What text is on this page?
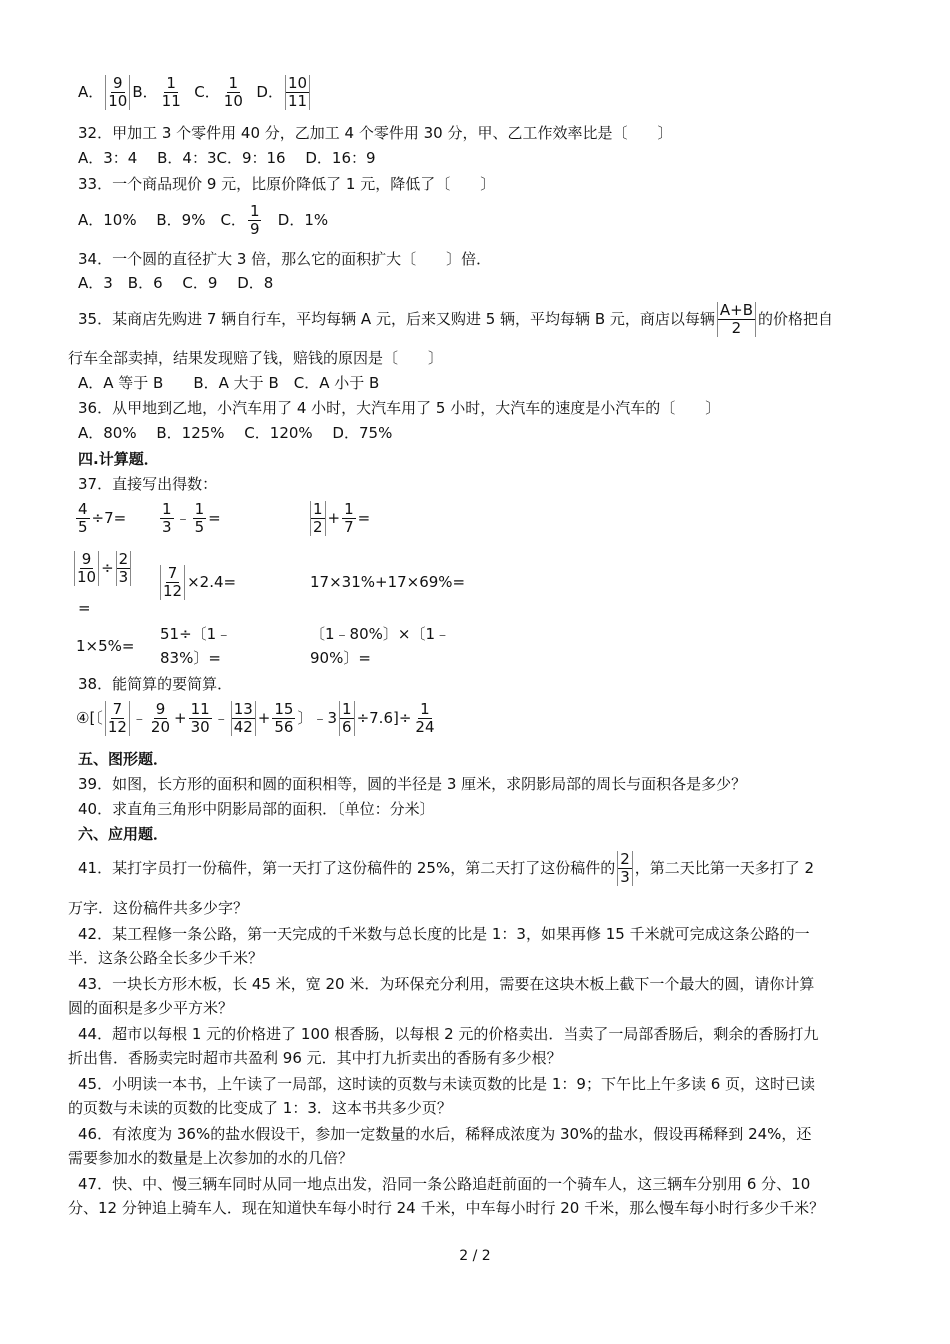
A． $\frac{9}{10}$ B． $\frac{1}{11}$ C． $\frac{1}{10}$ D． $\frac{10}{11}$
32．甲加工 3 个零件用 40 分，乙加工 4 个零件用 30 分，甲、乙工作效率比是〔　　〕
A．3：4　 B．4：3C．9：16　 D．16：9
33．一个商品现价 9 元，比原价降低了 1 元，降低了〔　　〕
A．10%　 B．9%　C． $\frac{1}{9}$ D．1%
34．一个圆的直径扩大 3 倍，那么它的面积扩大〔　　〕倍．
A．3　B．6　 C．9　 D．8
35．某商店先购进 7 辆自行车，平均每辆 A 元，后来又购进 5 辆，平均每辆 B 元，商店以每辆 $\frac{A+B}{2}$ 的价格把自
行车全部卖掉，结果发现赔了钱，赔钱的原因是〔　　〕
A．A 等于 B　　B．A 大于 B　C．A 小于 B
36．从甲地到乙地，小汽车用了 4 小时，大汽车用了 5 小时，大汽车的速度是小汽车的〔　　〕
A．80%　 B．125%　 C．120%　 D．75%
四.计算题．
37．直接写出得数：
$\frac{4}{5} \div 7= \frac{1}{3}$ ﹣ $\frac{1}{5}$ =	$\frac{1}{2} + \frac{1}{7}$ =
$\frac{9}{10} \div \frac{2}{3}$
=
$\frac{7}{12} \times 2.4=$	17×31%+17×69%=
1×5%=
51÷〔1﹣
83%〕=
〔1﹣80%〕×〔1﹣
90%〕=
38．能简算的要简算．
④[〔 $\frac{7}{12}$ ﹣ $\frac{9}{20} + \frac{11}{30}$ ﹣ $\frac{13}{42} + \frac{15}{56}$ 〕﹣3 $\frac{1}{6} \div 7.6]\div \frac{1}{24}$
五、图形题．
39．如图，长方形的面积和圆的面积相等，圆的半径是 3 厘米，求阴影局部的周长与面积各是多少？
40．求直角三角形中阴影局部的面积．〔单位：分米〕
六、应用题．
41．某打字员打一份稿件，第一天打了这份稿件的 25%，第二天打了这份稿件的 $\frac{2}{3}$ ，第二天比第一天多打了 2
万字．这份稿件共多少字？
42．某工程修一条公路，第一天完成的千米数与总长度的比是 1：3，如果再修 15 千米就可完成这条公路的一
半．这条公路全长多少千米？
43．一块长方形木板，长 45 米，宽 20 米．为环保充分利用，需要在这块木板上截下一个最大的圆，请你计算
圆的面积是多少平方米？
44．超市以每根 1 元的价格进了 100 根香肠，以每根 2 元的价格卖出．当卖了一局部香肠后，剩余的香肠打九
折出售．香肠卖完时超市共盈利 96 元．其中打九折卖出的香肠有多少根？
45．小明读一本书，上午读了一局部，这时读的页数与未读页数的比是 1：9；下午比上午多读 6 页，这时已读
的页数与未读的页数的比变成了 1：3．这本书共多少页？
46．有浓度为 36%的盐水假设干，参加一定数量的水后，稀释成浓度为 30%的盐水，假设再稀释到 24%，还
需要参加水的数量是上次参加的水的几倍？
47．快、中、慢三辆车同时从同一地点出发，沿同一条公路追赶前面的一个骑车人，这三辆车分别用 6 分、10
分、12 分钟追上骑车人．现在知道快车每小时行 24 千米，中车每小时行 20 千米，那么慢车每小时行多少千米？
2 / 2
